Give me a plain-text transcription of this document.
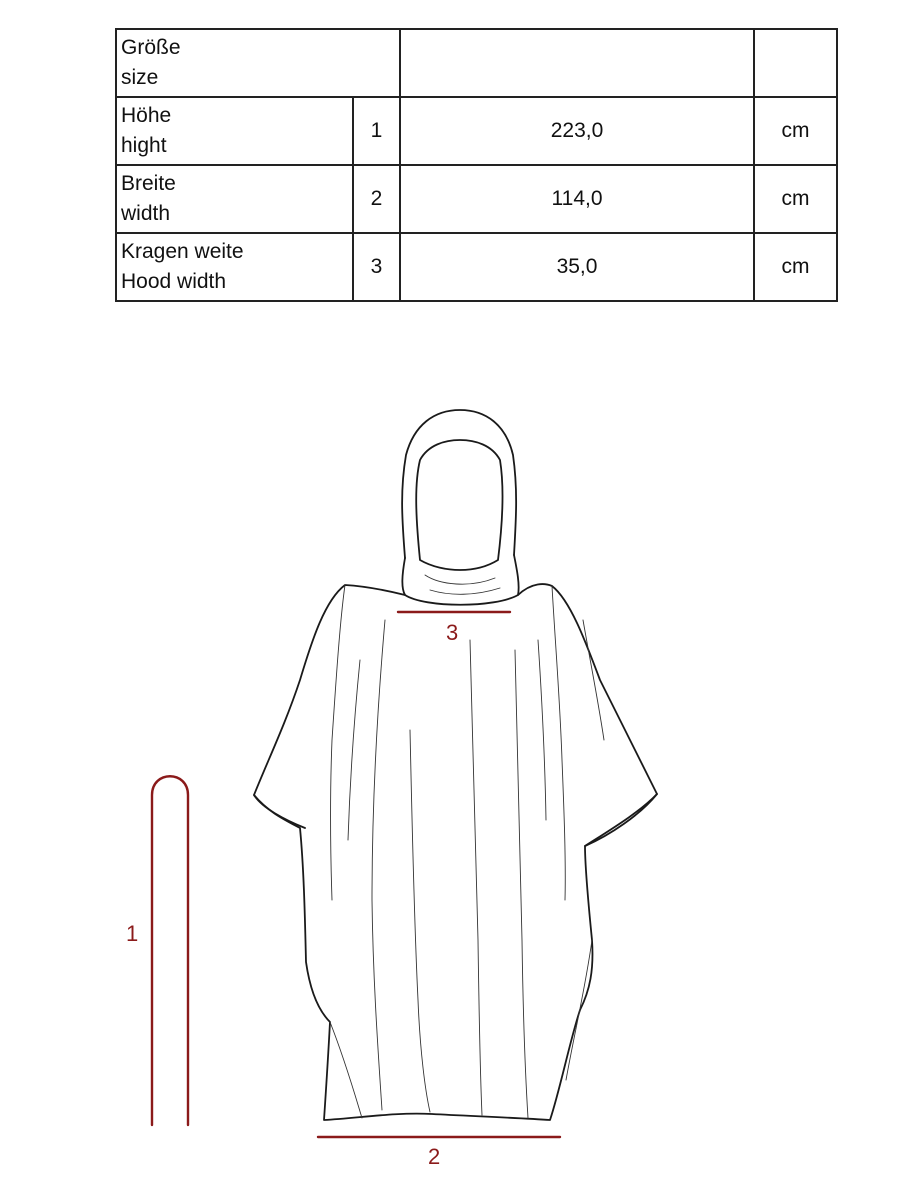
Größe
size			

Höhe
hight	1	223,0	cm

Breite
width	2	114,0	cm

Kragen weite
Hood width	3	35,0	cm
1
3
2
